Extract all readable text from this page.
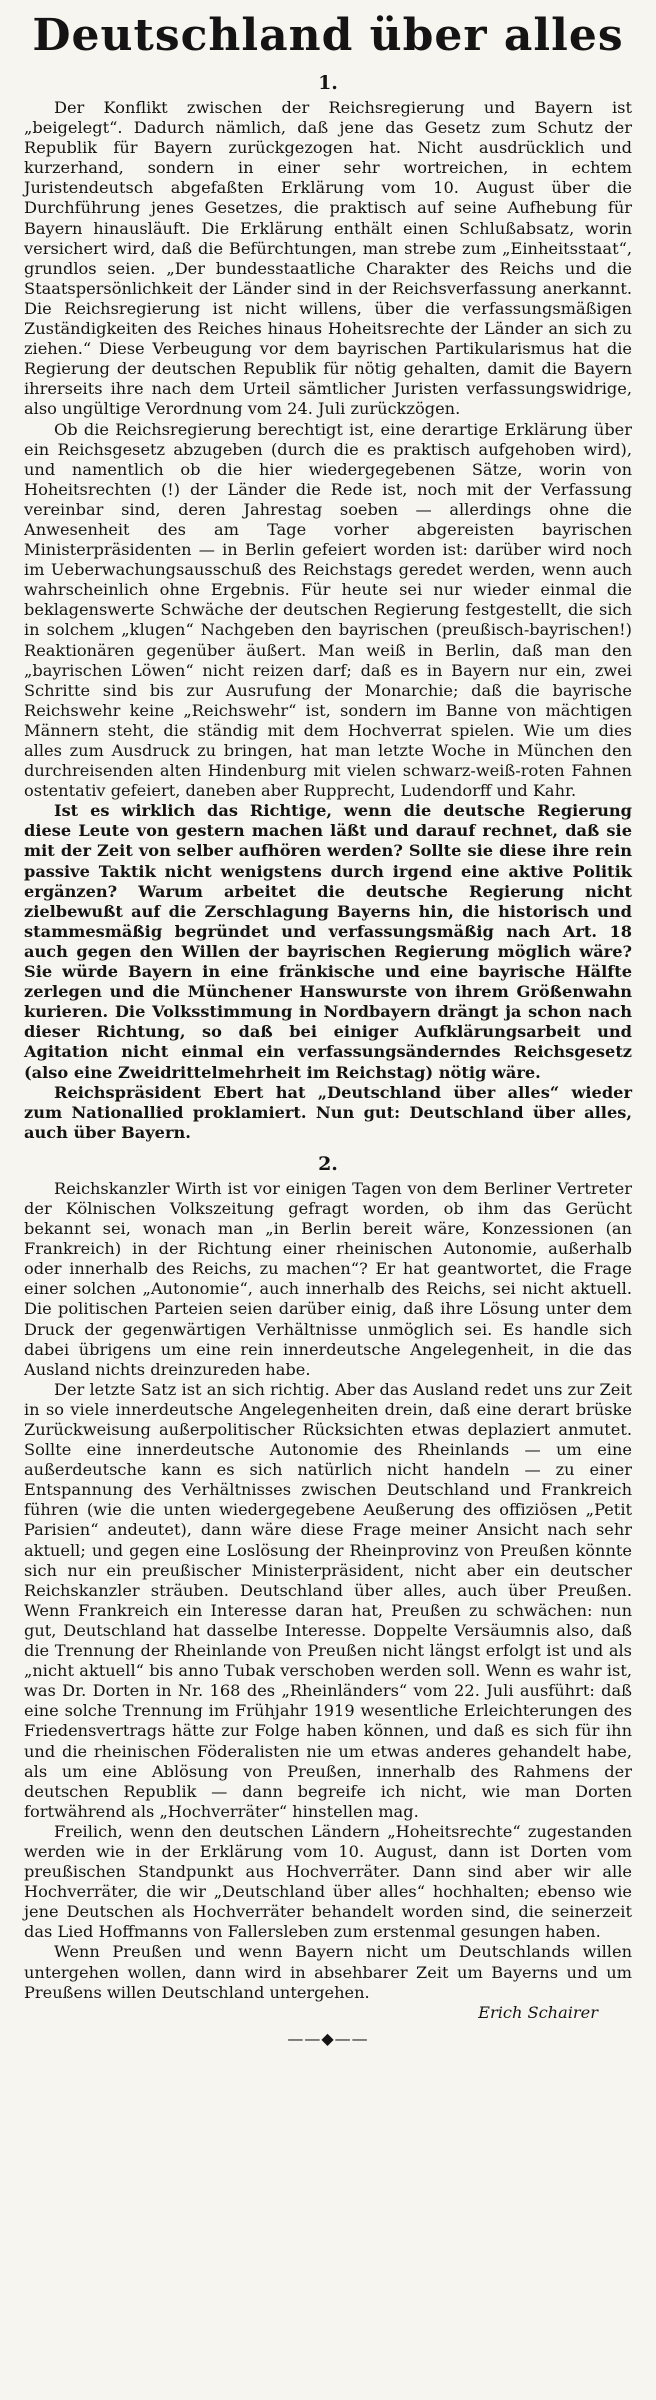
Deutschland über alles
1.

Der Konflikt zwischen der Reichsregierung und Bayern ist „beigelegt“. Dadurch nämlich, daß jene das Gesetz zum Schutz der Republik für Bayern zurückgezogen hat. Nicht ausdrücklich und kurzerhand, sondern in einer sehr wortreichen, in echtem Juristendeutsch abgefaßten Erklärung vom 10. August über die Durchführung jenes Gesetzes, die praktisch auf seine Aufhebung für Bayern hinausläuft. Die Erklärung enthält einen Schlußabsatz, worin versichert wird, daß die Befürchtungen, man strebe zum „Einheitsstaat“, grundlos seien. „Der bundesstaatliche Charakter des Reichs und die Staatspersönlichkeit der Länder sind in der Reichsverfassung anerkannt. Die Reichsregierung ist nicht willens, über die verfassungsmäßigen Zuständigkeiten des Reiches hinaus Hoheitsrechte der Länder an sich zu ziehen.“ Diese Verbeugung vor dem bayrischen Partikularismus hat die Regierung der deutschen Republik für nötig gehalten, damit die Bayern ihrerseits ihre nach dem Urteil sämtlicher Juristen verfassungswidrige, also ungültige Verordnung vom 24. Juli zurückzögen.

Ob die Reichsregierung berechtigt ist, eine derartige Erklärung über ein Reichsgesetz abzugeben (durch die es praktisch aufgehoben wird), und namentlich ob die hier wiedergegebenen Sätze, worin von Hoheitsrechten (!) der Länder die Rede ist, noch mit der Verfassung vereinbar sind, deren Jahrestag soeben — allerdings ohne die Anwesenheit des am Tage vorher abgereisten bayrischen Ministerpräsidenten — in Berlin gefeiert worden ist: darüber wird noch im Ueberwachungsausschuß des Reichstags geredet werden, wenn auch wahrscheinlich ohne Ergebnis. Für heute sei nur wieder einmal die beklagenswerte Schwäche der deutschen Regierung festgestellt, die sich in solchem „klugen“ Nachgeben den bayrischen (preußisch-bayrischen!) Reaktionären gegenüber äußert. Man weiß in Berlin, daß man den „bayrischen Löwen“ nicht reizen darf; daß es in Bayern nur ein, zwei Schritte sind bis zur Ausrufung der Monarchie; daß die bayrische Reichswehr keine „Reichswehr“ ist, sondern im Banne von mächtigen Männern steht, die ständig mit dem Hochverrat spielen. Wie um dies alles zum Ausdruck zu bringen, hat man letzte Woche in München den durchreisenden alten Hindenburg mit vielen schwarz-weiß-roten Fahnen ostentativ gefeiert, daneben aber Rupprecht, Ludendorff und Kahr.

Ist es wirklich das Richtige, wenn die deutsche Regierung diese Leute von gestern machen läßt und darauf rechnet, daß sie mit der Zeit von selber aufhören werden? Sollte sie diese ihre rein passive Taktik nicht wenigstens durch irgend eine aktive Politik ergänzen? Warum arbeitet die deutsche Regierung nicht zielbewußt auf die Zerschlagung Bayerns hin, die historisch und stammesmäßig begründet und verfassungsmäßig nach Art. 18 auch gegen den Willen der bayrischen Regierung möglich wäre? Sie würde Bayern in eine fränkische und eine bayrische Hälfte zerlegen und die Münchener Hanswurste von ihrem Größenwahn kurieren. Die Volksstimmung in Nordbayern drängt ja schon nach dieser Richtung, so daß bei einiger Aufklärungsarbeit und Agitation nicht einmal ein verfassungsänderndes Reichsgesetz (also eine Zweidrittelmehrheit im Reichstag) nötig wäre.

Reichspräsident Ebert hat „Deutschland über alles“ wieder zum Nationallied proklamiert. Nun gut: Deutschland über alles, auch über Bayern.

2.

Reichskanzler Wirth ist vor einigen Tagen von dem Berliner Vertreter der Kölnischen Volkszeitung gefragt worden, ob ihm das Gerücht bekannt sei, wonach man „in Berlin bereit wäre, Konzessionen (an Frankreich) in der Richtung einer rheinischen Autonomie, außerhalb oder innerhalb des Reichs, zu machen“? Er hat geantwortet, die Frage einer solchen „Autonomie“, auch innerhalb des Reichs, sei nicht aktuell. Die politischen Parteien seien darüber einig, daß ihre Lösung unter dem Druck der gegenwärtigen Verhältnisse unmöglich sei. Es handle sich dabei übrigens um eine rein innerdeutsche Angelegenheit, in die das Ausland nichts dreinzureden habe.

Der letzte Satz ist an sich richtig. Aber das Ausland redet uns zur Zeit in so viele innerdeutsche Angelegenheiten drein, daß eine derart brüske Zurückweisung außerpolitischer Rücksichten etwas deplaziert anmutet. Sollte eine innerdeutsche Autonomie des Rheinlands — um eine außerdeutsche kann es sich natürlich nicht handeln — zu einer Entspannung des Verhältnisses zwischen Deutschland und Frankreich führen (wie die unten wiedergegebene Aeußerung des offiziösen „Petit Parisien“ andeutet), dann wäre diese Frage meiner Ansicht nach sehr aktuell; und gegen eine Loslösung der Rheinprovinz von Preußen könnte sich nur ein preußischer Ministerpräsident, nicht aber ein deutscher Reichskanzler sträuben. Deutschland über alles, auch über Preußen. Wenn Frankreich ein Interesse daran hat, Preußen zu schwächen: nun gut, Deutschland hat dasselbe Interesse. Doppelte Versäumnis also, daß die Trennung der Rheinlande von Preußen nicht längst erfolgt ist und als „nicht aktuell“ bis anno Tubak verschoben werden soll. Wenn es wahr ist, was Dr. Dorten in Nr. 168 des „Rheinländers“ vom 22. Juli ausführt: daß eine solche Trennung im Frühjahr 1919 wesentliche Erleichterungen des Friedensvertrags hätte zur Folge haben können, und daß es sich für ihn und die rheinischen Föderalisten nie um etwas anderes gehandelt habe, als um eine Ablösung von Preußen, innerhalb des Rahmens der deutschen Republik — dann begreife ich nicht, wie man Dorten fortwährend als „Hochverräter“ hinstellen mag.

Freilich, wenn den deutschen Ländern „Hoheitsrechte“ zugestanden werden wie in der Erklärung vom 10. August, dann ist Dorten vom preußischen Standpunkt aus Hochverräter. Dann sind aber wir alle Hochverräter, die wir „Deutschland über alles“ hochhalten; ebenso wie jene Deutschen als Hochverräter behandelt worden sind, die seinerzeit das Lied Hoffmanns von Fallersleben zum erstenmal gesungen haben.

Wenn Preußen und wenn Bayern nicht um Deutschlands willen untergehen wollen, dann wird in absehbarer Zeit um Bayerns und um Preußens willen Deutschland untergehen.

Erich Schairer

——◆——
